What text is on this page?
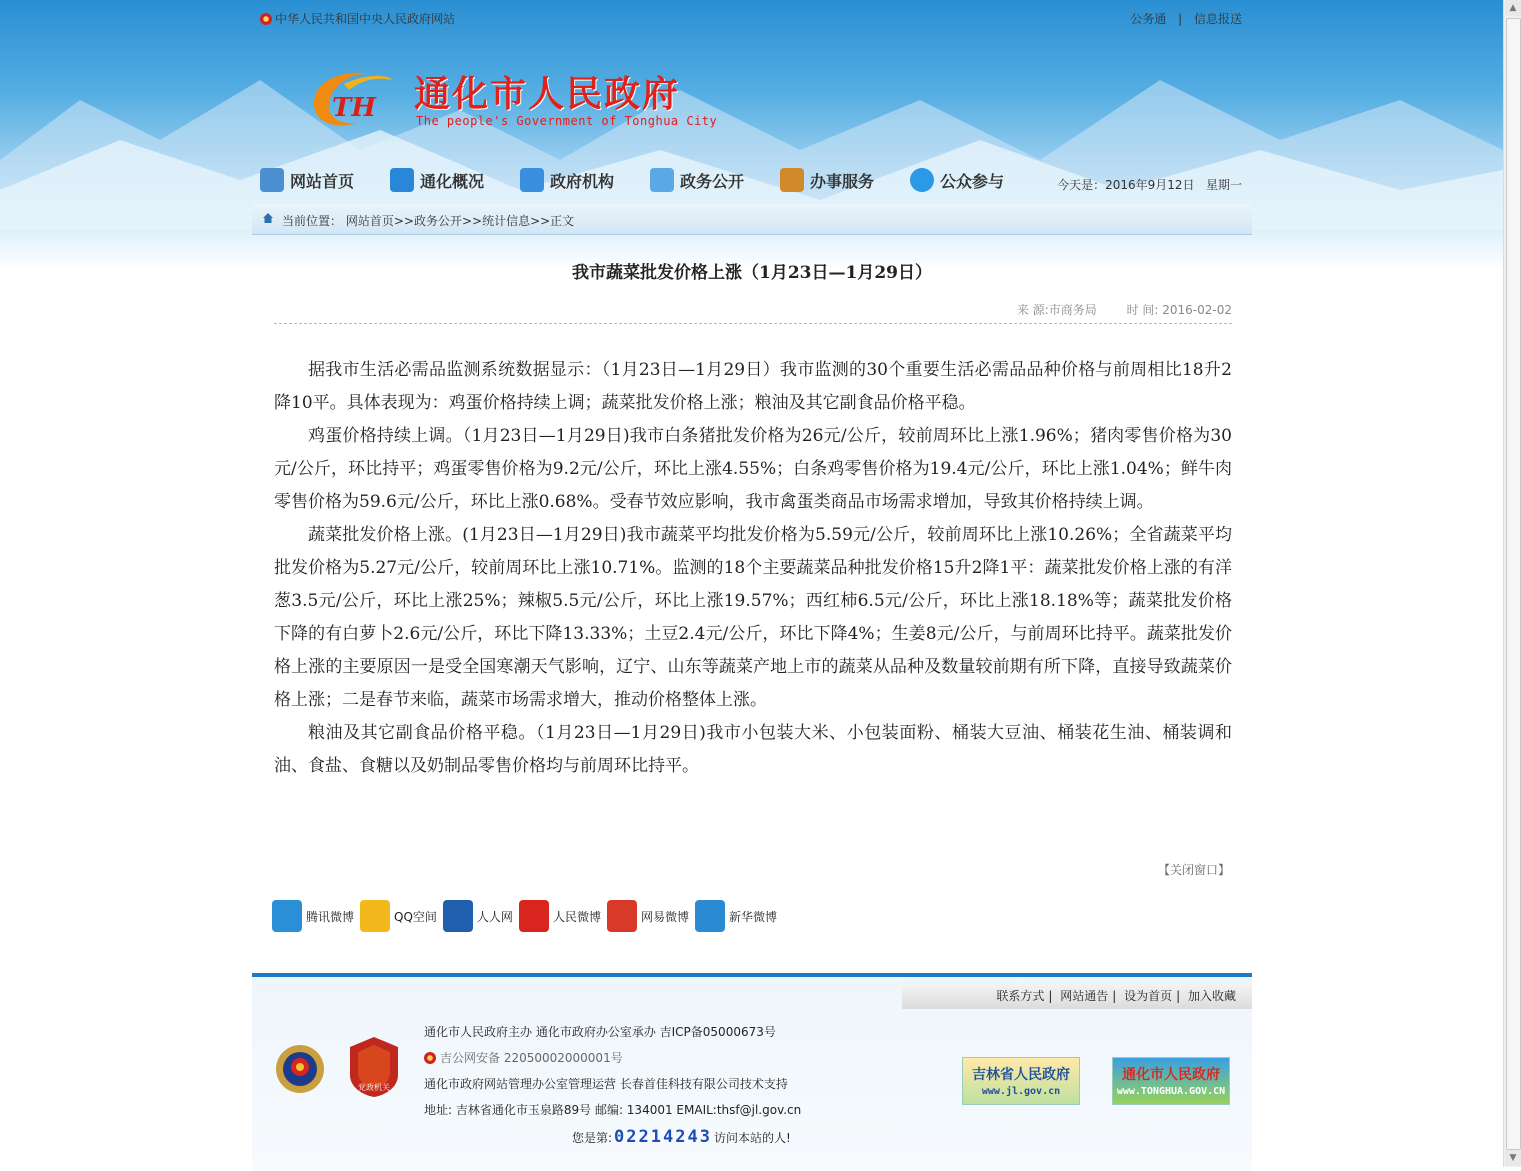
中华人民共和国中央人民政府网站	公务通 | 信息报送
TH 通化市人民政府
The people's Government of Tonghua City
网站首页	通化概况	政府机构	政务公开	办事服务	公众参与	今天是：2016年9月12日 星期一
当前位置： 网站首页>>政务公开>>统计信息>>正文
我市蔬菜批发价格上涨（1月23日—1月29日）
来 源:市商务局 时 间: 2016-02-02

据我市生活必需品监测系统数据显示：（1月23日—1月29日）我市监测的30个重要生活必需品品种价格与前周相比18升2降10平。具体表现为：鸡蛋价格持续上调；蔬菜批发价格上涨；粮油及其它副食品价格平稳。

鸡蛋价格持续上调。（1月23日—1月29日)我市白条猪批发价格为26元/公斤，较前周环比上涨1.96%；猪肉零售价格为30元/公斤，环比持平；鸡蛋零售价格为9.2元/公斤，环比上涨4.55%；白条鸡零售价格为19.4元/公斤，环比上涨1.04%；鲜牛肉零售价格为59.6元/公斤，环比上涨0.68%。受春节效应影响，我市禽蛋类商品市场需求增加，导致其价格持续上调。

蔬菜批发价格上涨。(1月23日—1月29日)我市蔬菜平均批发价格为5.59元/公斤，较前周环比上涨10.26%；全省蔬菜平均批发价格为5.27元/公斤，较前周环比上涨10.71%。监测的18个主要蔬菜品种批发价格15升2降1平：蔬菜批发价格上涨的有洋葱3.5元/公斤，环比上涨25%；辣椒5.5元/公斤，环比上涨19.57%；西红柿6.5元/公斤，环比上涨18.18%等；蔬菜批发价格下降的有白萝卜2.6元/公斤，环比下降13.33%；土豆2.4元/公斤，环比下降4%；生姜8元/公斤，与前周环比持平。蔬菜批发价格上涨的主要原因一是受全国寒潮天气影响，辽宁、山东等蔬菜产地上市的蔬菜从品种及数量较前期有所下降，直接导致蔬菜价格上涨；二是春节来临，蔬菜市场需求增大，推动价格整体上涨。

粮油及其它副食品价格平稳。（1月23日—1月29日)我市小包装大米、小包装面粉、桶装大豆油、桶装花生油、桶装调和油、食盐、食糖以及奶制品零售价格均与前周环比持平。

【关闭窗口】
腾讯微博	QQ空间	人人网	人民微博	网易微博	新华微博
联系方式 | 网站通告 | 设为首页 | 加入收藏
党政机关
通化市人民政府主办 通化市政府办公室承办 吉ICP备05000673号
吉公网安备 22050002000001号
通化市政府网站管理办公室管理运营 长春首佳科技有限公司技术支持
地址: 吉林省通化市玉泉路89号 邮编: 134001 EMAIL:thsf@jl.gov.cn
您是第: 02214243 访问本站的人!
吉林省人民政府
www.jl.gov.cn
通化市人民政府
www.TONGHUA.GOV.CN
▲
▼
